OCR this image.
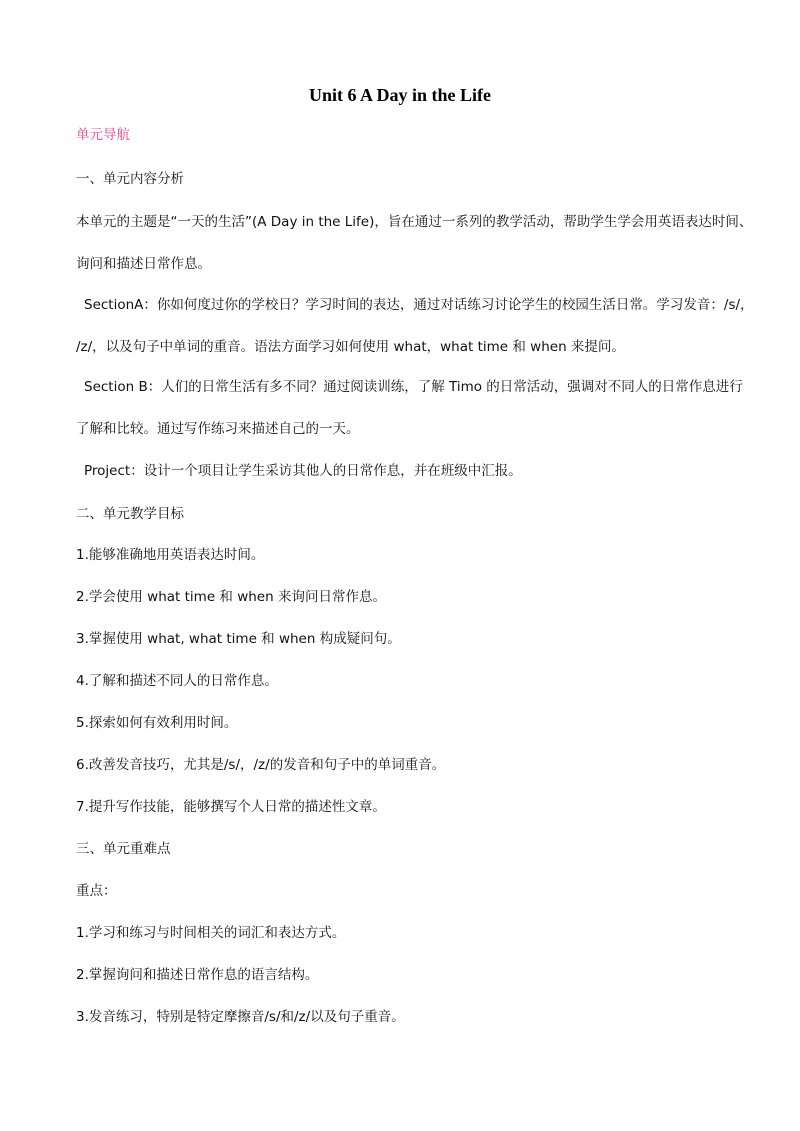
Unit 6 A Day in the Life
单元导航
一、单元内容分析
本单元的主题是“一天的生活”(A Day in the Life)，旨在通过一系列的教学活动，帮助学生学会用英语表达时间、
询问和描述日常作息。
SectionA：你如何度过你的学校日？学习时间的表达，通过对话练习讨论学生的校园生活日常。学习发音：/s/，
/z/，以及句子中单词的重音。语法方面学习如何使用 what，what time 和 when 来提问。
Section B：人们的日常生活有多不同？通过阅读训练，了解 Timo 的日常活动，强调对不同人的日常作息进行
了解和比较。通过写作练习来描述自己的一天。
Project：设计一个项目让学生采访其他人的日常作息，并在班级中汇报。
二、单元教学目标
1.能够准确地用英语表达时间。
2.学会使用 what time 和 when 来询问日常作息。
3.掌握使用 what, what time 和 when 构成疑问句。
4.了解和描述不同人的日常作息。
5.探索如何有效利用时间。
6.改善发音技巧，尤其是/s/，/z/的发音和句子中的单词重音。
7.提升写作技能，能够撰写个人日常的描述性文章。
三、单元重难点
重点：
1.学习和练习与时间相关的词汇和表达方式。
2.掌握询问和描述日常作息的语言结构。
3.发音练习，特别是特定摩擦音/s/和/z/以及句子重音。
